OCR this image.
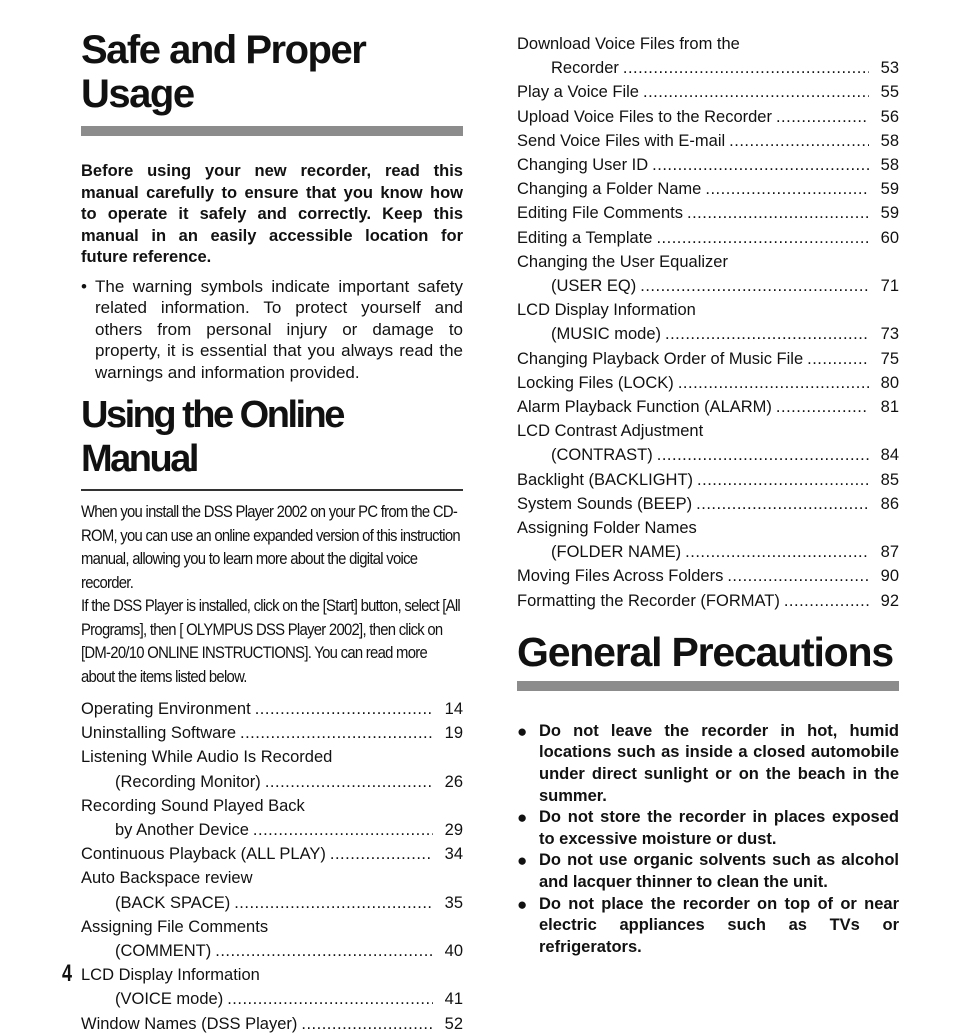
Safe and Proper Usage
Before using your new recorder, read this manual carefully to ensure that you know how to operate it safely and correctly. Keep this manual in an easily accessible location for future reference.
• The warning symbols indicate important safety related information. To protect yourself and others from personal injury or damage to property, it is essential that you always read the warnings and information provided.
Using the Online Manual

When you install the DSS Player 2002 on your PC from the CD-ROM, you can use an online expanded version of this instruction manual, allowing you to learn more about the digital voice recorder.

If the DSS Player is installed, click on the [Start] button, select [All Programs], then [ OLYMPUS DSS Player 2002], then click on [DM-20/10 ONLINE INSTRUCTIONS]. You can read more about the items listed below.

Operating Environment .....	14
Uninstalling Software .....	19
Listening While Audio Is Recorded
(Recording Monitor) .....	26
Recording Sound Played Back
by Another Device .....	29
Continuous Playback (ALL PLAY) .....	34
Auto Backspace review
(BACK SPACE) .....	35
Assigning File Comments
(COMMENT) .....	40
LCD Display Information
(VOICE mode) .....	41
Window Names (DSS Player) .....	52
Download Voice Files from the
Recorder .....	53
Play a Voice File .....	55
Upload Voice Files to the Recorder .....	56
Send Voice Files with E-mail .....	58
Changing User ID .....	58
Changing a Folder Name .....	59
Editing File Comments .....	59
Editing a Template .....	60
Changing the User Equalizer
(USER EQ) .....	71
LCD Display Information
(MUSIC mode) .....	73
Changing Playback Order of Music File .....	75
Locking Files (LOCK) .....	80
Alarm Playback Function (ALARM) .....	81
LCD Contrast Adjustment
(CONTRAST) .....	84
Backlight (BACKLIGHT) .....	85
System Sounds (BEEP) .....	86
Assigning Folder Names
(FOLDER NAME) .....	87
Moving Files Across Folders .....	90
Formatting the Recorder (FORMAT) .....	92
General Precautions
● Do not leave the recorder in hot, humid locations such as inside a closed automobile under direct sunlight or on the beach in the summer.
● Do not store the recorder in places exposed to excessive moisture or dust.
● Do not use organic solvents such as alcohol and lacquer thinner to clean the unit.
● Do not place the recorder on top of or near electric appliances such as TVs or refrigerators.
4
